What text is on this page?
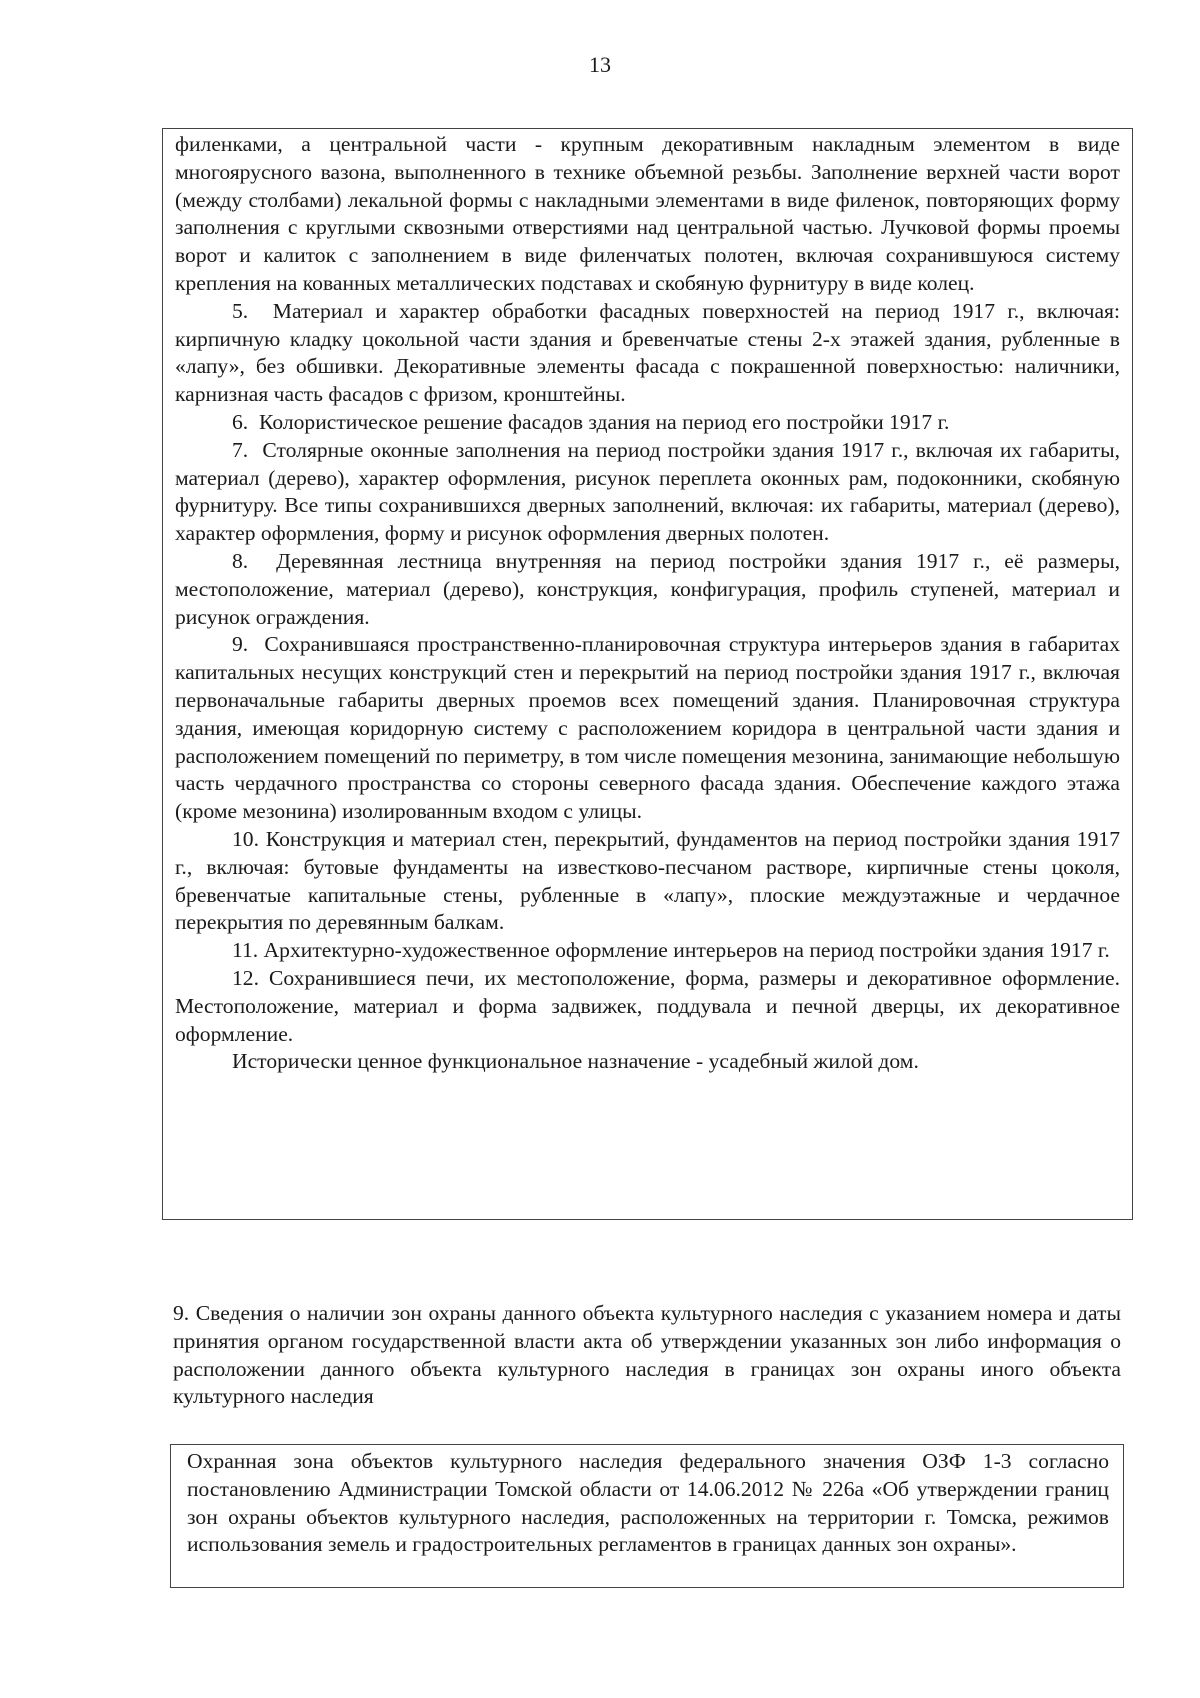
13

филенками, а центральной части - крупным декоративным накладным элементом в виде многоярусного вазона, выполненного в технике объемной резьбы. Заполнение верхней части ворот (между столбами) лекальной формы с накладными элементами в виде филенок, повторяющих форму заполнения с круглыми сквозными отверстиями над центральной частью. Лучковой формы проемы ворот и калиток с заполнением в виде филенчатых полотен, включая сохранившуюся систему крепления на кованных металлических подставах и скобяную фурнитуру в виде колец.

5.  Материал и характер обработки фасадных поверхностей на период 1917 г., включая: кирпичную кладку цокольной части здания и бревенчатые стены 2-х этажей здания, рубленные в «лапу», без обшивки. Декоративные элементы фасада с покрашенной поверхностью: наличники, карнизная часть фасадов с фризом, кронштейны.

6.  Колористическое решение фасадов здания на период его постройки 1917 г.

7.  Столярные оконные заполнения на период постройки здания 1917 г., включая их габариты, материал (дерево), характер оформления, рисунок переплета оконных рам, подоконники, скобяную фурнитуру. Все типы сохранившихся дверных заполнений, включая: их габариты, материал (дерево), характер оформления, форму и рисунок оформления дверных полотен.

8.  Деревянная лестница внутренняя на период постройки здания 1917 г., её размеры, местоположение, материал (дерево), конструкция, конфигурация, профиль ступеней, материал и рисунок ограждения.

9.  Сохранившаяся пространственно-планировочная структура интерьеров здания в габаритах капитальных несущих конструкций стен и перекрытий на период постройки здания 1917 г., включая первоначальные габариты дверных проемов всех помещений здания. Планировочная структура здания, имеющая коридорную систему с расположением коридора в центральной части здания и расположением помещений по периметру, в том числе помещения мезонина, занимающие небольшую часть чердачного пространства со стороны северного фасада здания. Обеспечение каждого этажа (кроме мезонина) изолированным входом с улицы.

10. Конструкция и материал стен, перекрытий, фундаментов на период постройки здания 1917 г., включая: бутовые фундаменты на известково-песчаном растворе, кирпичные стены цоколя, бревенчатые капитальные стены, рубленные в «лапу», плоские междуэтажные и чердачное перекрытия по деревянным балкам.

11. Архитектурно-художественное оформление интерьеров на период постройки здания 1917 г.

12. Сохранившиеся печи, их местоположение, форма, размеры и декоративное оформление. Местоположение, материал и форма задвижек, поддувала и печной дверцы, их декоративное оформление.

Исторически ценное функциональное назначение - усадебный жилой дом.

9. Сведения о наличии зон охраны данного объекта культурного наследия с указанием номера и даты принятия органом государственной власти акта об утверждении указанных зон либо информация о расположении данного объекта культурного наследия в границах зон охраны иного объекта культурного наследия

Охранная зона объектов культурного наследия федерального значения ОЗФ 1-3 согласно постановлению Администрации Томской области от 14.06.2012 № 226а «Об утверждении границ зон охраны объектов культурного наследия, расположенных на территории г. Томска, режимов использования земель и градостроительных регламентов в границах данных зон охраны».
